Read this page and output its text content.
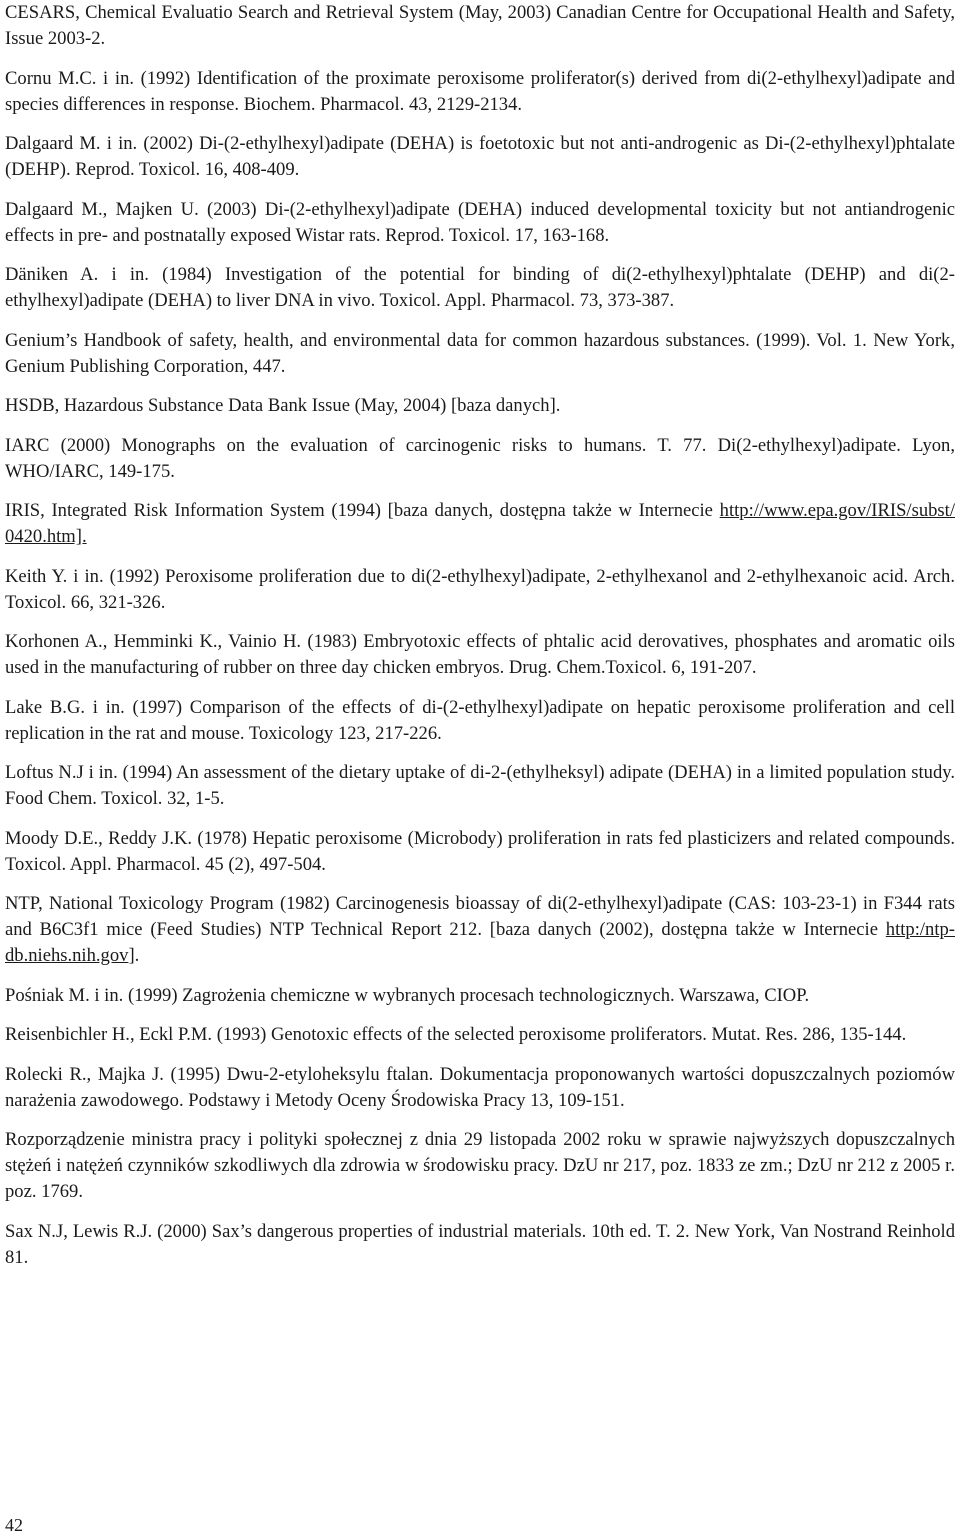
CESARS, Chemical Evaluatio Search and Retrieval System (May, 2003) Canadian Centre for Occupational Health and Safety, Issue 2003-2.

Cornu M.C. i in. (1992) Identification of the proximate peroxisome proliferator(s) derived from di(2-ethylhexyl)adipate and species differences in response. Biochem. Pharmacol. 43, 2129-2134.

Dalgaard M. i in. (2002) Di-(2-ethylhexyl)adipate (DEHA) is foetotoxic but not anti-androgenic as Di-(2-ethylhexyl)phtalate (DEHP). Reprod. Toxicol. 16, 408-409.

Dalgaard M., Majken U. (2003) Di-(2-ethylhexyl)adipate (DEHA) induced developmental toxicity but not antiandrogenic effects in pre- and postnatally exposed Wistar rats. Reprod. Toxicol. 17, 163-168.

Däniken A. i in. (1984) Investigation of the potential for binding of di(2-ethylhexyl)phtalate (DEHP) and di(2-ethylhexyl)adipate (DEHA) to liver DNA in vivo. Toxicol. Appl. Pharmacol. 73, 373-387.

Genium’s Handbook of safety, health, and environmental data for common hazardous substances. (1999). Vol. 1. New York, Genium Publishing Corporation, 447.

HSDB, Hazardous Substance Data Bank Issue (May, 2004) [baza danych].

IARC (2000) Monographs on the evaluation of carcinogenic risks to humans. T. 77. Di(2-ethylhexyl)adipate. Lyon, WHO/IARC, 149-175.

IRIS, Integrated Risk Information System (1994) [baza danych, dostępna także w Internecie http://www.epa.gov/IRIS/subst/ 0420.htm].

Keith Y. i in. (1992) Peroxisome proliferation due to di(2-ethylhexyl)adipate, 2-ethylhexanol and 2-ethylhexanoic acid. Arch. Toxicol. 66, 321-326.

Korhonen A., Hemminki K., Vainio H. (1983) Embryotoxic effects of phtalic acid derovatives, phosphates and aromatic oils used in the manufacturing of rubber on three day chicken embryos. Drug. Chem.Toxicol. 6, 191-207.

Lake B.G. i in. (1997) Comparison of the effects of di-(2-ethylhexyl)adipate on hepatic peroxisome proliferation and cell replication in the rat and mouse. Toxicology 123, 217-226.

Loftus N.J i in. (1994) An assessment of the dietary uptake of di-2-(ethylheksyl) adipate (DEHA) in a limited population study. Food Chem. Toxicol. 32, 1-5.

Moody D.E., Reddy J.K. (1978) Hepatic peroxisome (Microbody) proliferation in rats fed plasticizers and related compounds. Toxicol. Appl. Pharmacol. 45 (2), 497-504.

NTP, National Toxicology Program (1982) Carcinogenesis bioassay of di(2-ethylhexyl)adipate (CAS: 103-23-1) in F344 rats and B6C3f1 mice (Feed Studies) NTP Technical Report 212. [baza danych (2002), dostępna także w Internecie http:/ntp-db.niehs.nih.gov].

Pośniak M. i in. (1999) Zagrożenia chemiczne w wybranych procesach technologicznych. Warszawa, CIOP.

Reisenbichler H., Eckl P.M. (1993) Genotoxic effects of the selected peroxisome proliferators. Mutat. Res. 286, 135-144.

Rolecki R., Majka J. (1995) Dwu-2-etyloheksylu ftalan. Dokumentacja proponowanych wartości dopuszczalnych poziomów narażenia zawodowego. Podstawy i Metody Oceny Środowiska Pracy 13, 109-151.

Rozporządzenie ministra pracy i polityki społecznej z dnia 29 listopada 2002 roku w sprawie najwyższych dopuszczalnych stężeń i natężeń czynników szkodliwych dla zdrowia w środowisku pracy. DzU nr 217, poz. 1833 ze zm.; DzU nr 212 z 2005 r. poz. 1769.

Sax N.J, Lewis R.J. (2000) Sax’s dangerous properties of industrial materials. 10th ed. T. 2. New York, Van Nostrand Reinhold 81.

42
